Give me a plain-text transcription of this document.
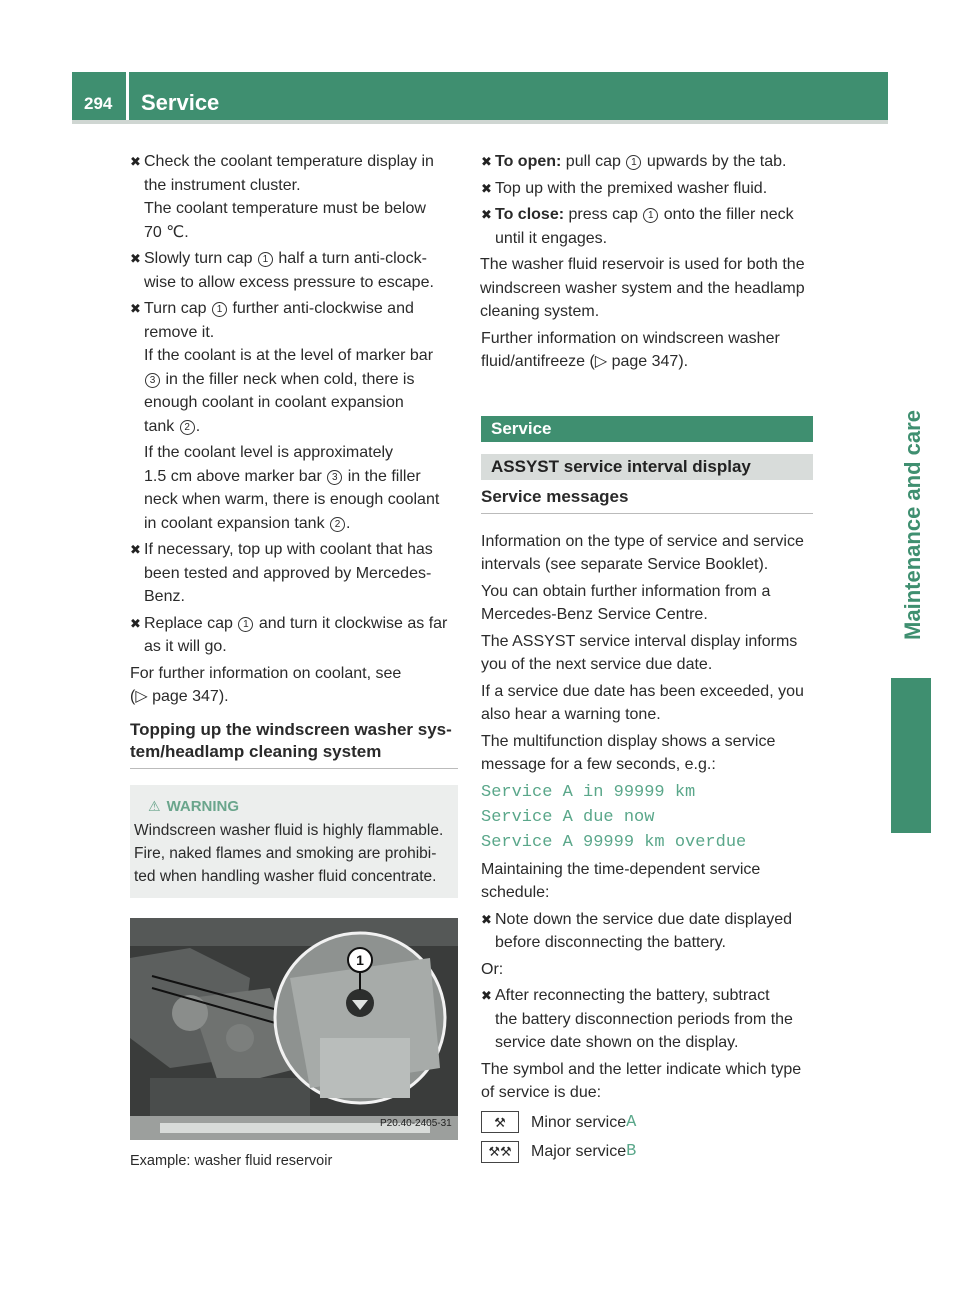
294 Service
Maintenance and care
✖ Check the coolant temperature display in
the instrument cluster.
The coolant temperature must be below
70 ℃.
✖ Slowly turn cap 1 half a turn anti-clock-
wise to allow excess pressure to escape.
✖ Turn cap 1 further anti-clockwise and
remove it.
If the coolant is at the level of marker bar
3 in the filler neck when cold, there is
enough coolant in coolant expansion
tank 2 .
If the coolant level is approximately
1.5 cm above marker bar 3 in the filler
neck when warm, there is enough coolant
in coolant expansion tank 2 .
✖ If necessary, top up with coolant that has
been tested and approved by Mercedes-
Benz.
✖ Replace cap 1 and turn it clockwise as far
as it will go.

For further information on coolant, see
(▷ page 347).

Topping up the windscreen washer sys-
tem/headlamp cleaning system
⚠ WARNING
Windscreen washer fluid is highly flammable.
Fire, naked flames and smoking are prohibi-
ted when handling washer fluid concentrate.
1
P20.40-2405-31
Example: washer fluid reservoir
✖ To open: pull cap 1 upwards by the tab.
✖ Top up with the premixed washer fluid.
✖ To close: press cap 1 onto the filler neck
until it engages.

The washer fluid reservoir is used for both the
windscreen washer system and the headlamp
cleaning system.

Further information on windscreen washer
fluid/antifreeze (▷ page 347).

Service
ASSYST service interval display
Service messages

Information on the type of service and service
intervals (see separate Service Booklet).

You can obtain further information from a
Mercedes-Benz Service Centre.

The ASSYST service interval display informs
you of the next service due date.

If a service due date has been exceeded, you
also hear a warning tone.

The multifunction display shows a service
message for a few seconds, e.g.:

Service A in 99999 km
Service A due now
Service A 99999 km overdue

Maintaining the time-dependent service
schedule:

✖ Note down the service due date displayed
before disconnecting the battery.

Or:

✖ After reconnecting the battery, subtract
the battery disconnection periods from the
service date shown on the display.

The symbol and the letter indicate which type
of service is due:

⚒	Minor service A
⚒⚒	Major service B
